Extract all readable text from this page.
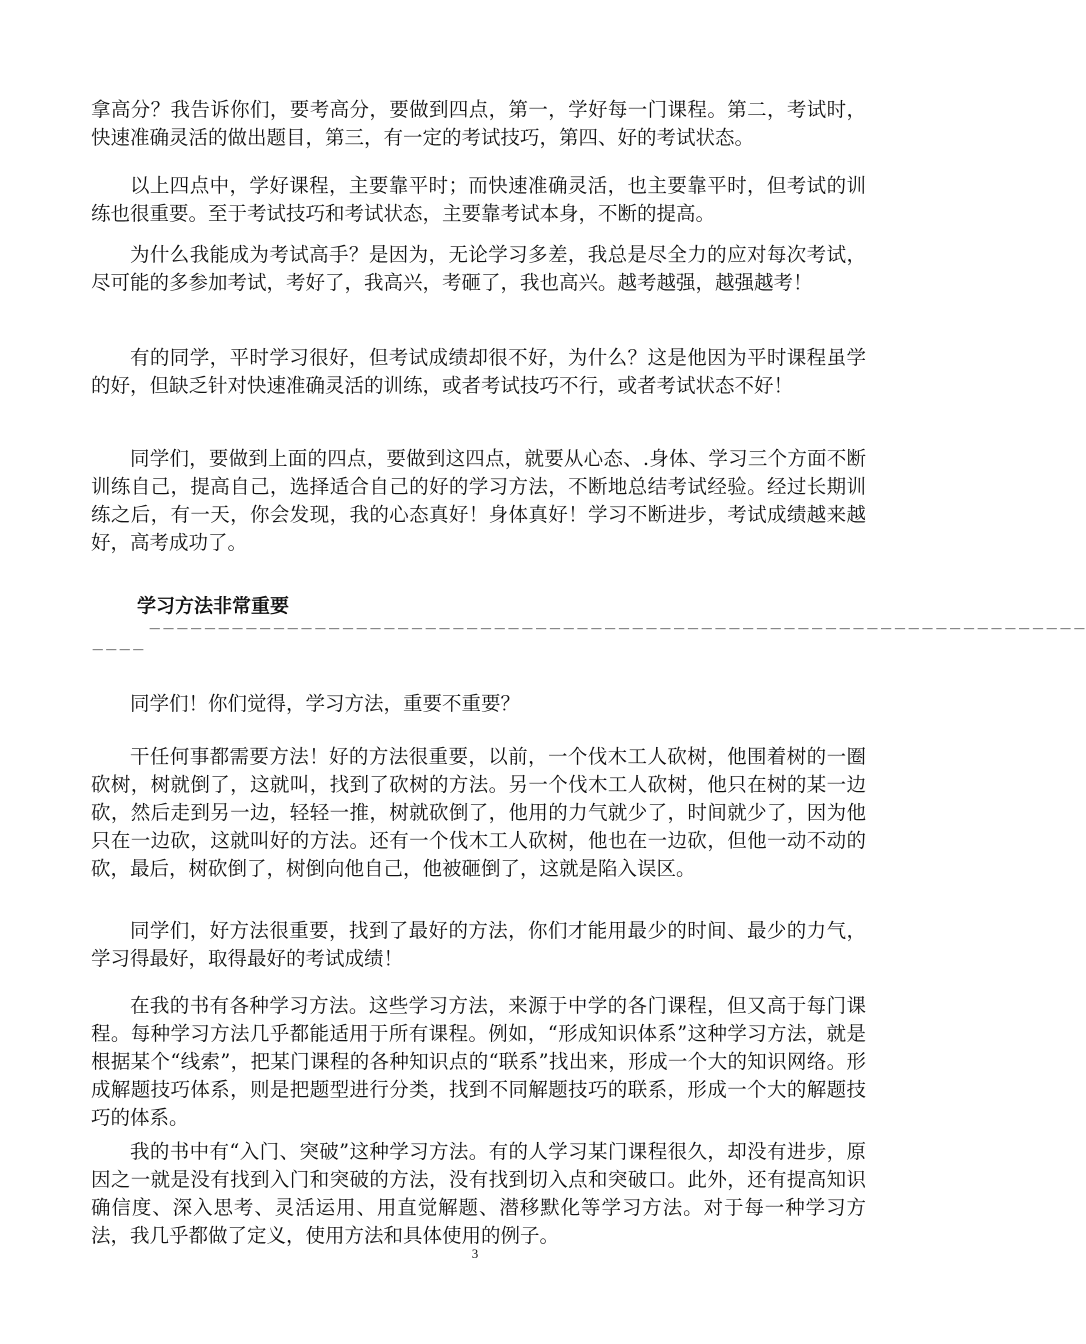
拿高分？我告诉你们，要考高分，要做到四点，第一，学好每一门课程。第二，考试时，快速准确灵活的做出题目，第三，有一定的考试技巧，第四、好的考试状态。

以上四点中，学好课程，主要靠平时；而快速准确灵活，也主要靠平时，但考试的训练也很重要。至于考试技巧和考试状态，主要靠考试本身，不断的提高。

为什么我能成为考试高手？是因为，无论学习多差，我总是尽全力的应对每次考试，尽可能的多参加考试，考好了，我高兴，考砸了，我也高兴。越考越强，越强越考！

有的同学，平时学习很好，但考试成绩却很不好，为什么？这是他因为平时课程虽学的好，但缺乏针对快速准确灵活的训练，或者考试技巧不行，或者考试状态不好！

同学们，要做到上面的四点，要做到这四点，就要从心态、.身体、学习三个方面不断训练自己，提高自己，选择适合自己的好的学习方法，不断地总结考试经验。经过长期训练之后，有一天，你会发现，我的心态真好！身体真好！学习不断进步，考试成绩越来越好，高考成功了。

学习方法非常重要
－－－－－－－－－－－－－－－－－－－－－－－－－－－－－－－－－－－－－－－－－－－－－－－－－－－－－－－－－－－－－－－－－－－－
－－－－

同学们！你们觉得，学习方法，重要不重要？

干任何事都需要方法！好的方法很重要，以前，一个伐木工人砍树，他围着树的一圈砍树，树就倒了，这就叫，找到了砍树的方法。另一个伐木工人砍树，他只在树的某一边砍，然后走到另一边，轻轻一推，树就砍倒了，他用的力气就少了，时间就少了，因为他只在一边砍，这就叫好的方法。还有一个伐木工人砍树，他也在一边砍，但他一动不动的砍，最后，树砍倒了，树倒向他自己，他被砸倒了，这就是陷入误区。

同学们，好方法很重要，找到了最好的方法，你们才能用最少的时间、最少的力气，学习得最好，取得最好的考试成绩！

在我的书有各种学习方法。这些学习方法，来源于中学的各门课程，但又高于每门课程。每种学习方法几乎都能适用于所有课程。例如，“形成知识体系”这种学习方法，就是根据某个“线索”，把某门课程的各种知识点的“联系”找出来，形成一个大的知识网络。形成解题技巧体系，则是把题型进行分类，找到不同解题技巧的联系，形成一个大的解题技巧的体系。

我的书中有“入门、突破”这种学习方法。有的人学习某门课程很久，却没有进步，原因之一就是没有找到入门和突破的方法，没有找到切入点和突破口。此外，还有提高知识确信度、深入思考、灵活运用、用直觉解题、潜移默化等学习方法。对于每一种学习方法，我几乎都做了定义，使用方法和具体使用的例子。

3
